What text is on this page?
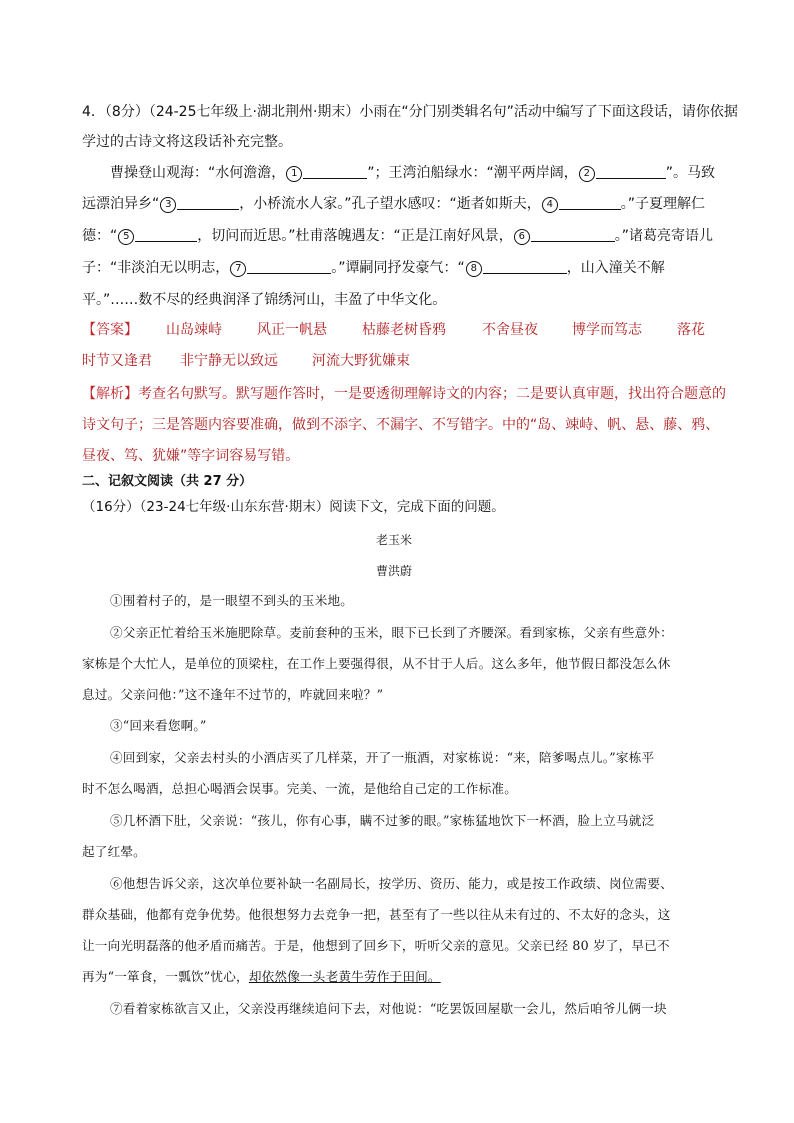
4．（8分）（24-25七年级上·湖北荆州·期末）小雨在“分门别类辑名句”活动中编写了下面这段话，请你依据
学过的古诗文将这段话补充完整。
曹操登山观海：“水何澹澹， 1	”；王湾泊船绿水：“潮平两岸阔， 2	”。马致
远漂泊异乡“ 3	，小桥流水人家。”孔子望水感叹：“逝者如斯夫， 4	。”子夏理解仁
德：“ 5	，切问而近思。”杜甫落魄遇友：“正是江南好风景， 6	。”诸葛亮寄语儿
子：“非淡泊无以明志， 7	。”谭嗣同抒发豪气：“ 8	，山入潼关不解
平。”……数不尽的经典润泽了锦绣河山，丰盈了中华文化。
【答案】 山岛竦峙	风正一帆悬	枯藤老树昏鸦	不舍昼夜 博学而笃志	落花
时节又逢君 非宁静无以致远 河流大野犹嫌束
【解析】考查名句默写。默写题作答时，一是要透彻理解诗文的内容；二是要认真审题，找出符合题意的
诗文句子；三是答题内容要准确，做到不添字、不漏字、不写错字。中的“岛、竦峙、帆、悬、藤、鸦、
昼夜、笃、犹嫌”等字词容易写错。
二、记叙文阅读（共 27 分）
（16分）（23-24七年级·山东东营·期末）阅读下文，完成下面的问题。
老玉米
曹洪蔚
①围着村子的，是一眼望不到头的玉米地。
②父亲正忙着给玉米施肥除草。麦前套种的玉米，眼下已长到了齐腰深。看到家栋，父亲有些意外：
家栋是个大忙人，是单位的顶梁柱，在工作上要强得很，从不甘于人后。这么多年，他节假日都没怎么休
息过。父亲问他：”这不逢年不过节的，咋就回来啦？”
③“回来看您啊。”
④回到家，父亲去村头的小酒店买了几样菜，开了一瓶酒，对家栋说：“来，陪爹喝点儿。”家栋平
时不怎么喝酒，总担心喝酒会误事。完美、一流，是他给自己定的工作标准。
⑤几杯酒下肚，父亲说：“孩儿，你有心事，瞒不过爹的眼。”家栋猛地饮下一杯酒，脸上立马就泛
起了红晕。
⑥他想告诉父亲，这次单位要补缺一名副局长，按学历、资历、能力，或是按工作政绩、岗位需要、
群众基础，他都有竞争优势。他很想努力去竞争一把，甚至有了一些以往从未有过的、不太好的念头，这
让一向光明磊落的他矛盾而痛苦。于是，他想到了回乡下，听听父亲的意见。父亲已经 80 岁了，早已不
再为“一箪食，一瓢饮”忧心，却依然像一头老黄牛劳作于田间。
⑦看着家栋欲言又止，父亲没再继续追问下去，对他说：“吃罢饭回屋歇一会儿，然后咱爷儿俩一块
